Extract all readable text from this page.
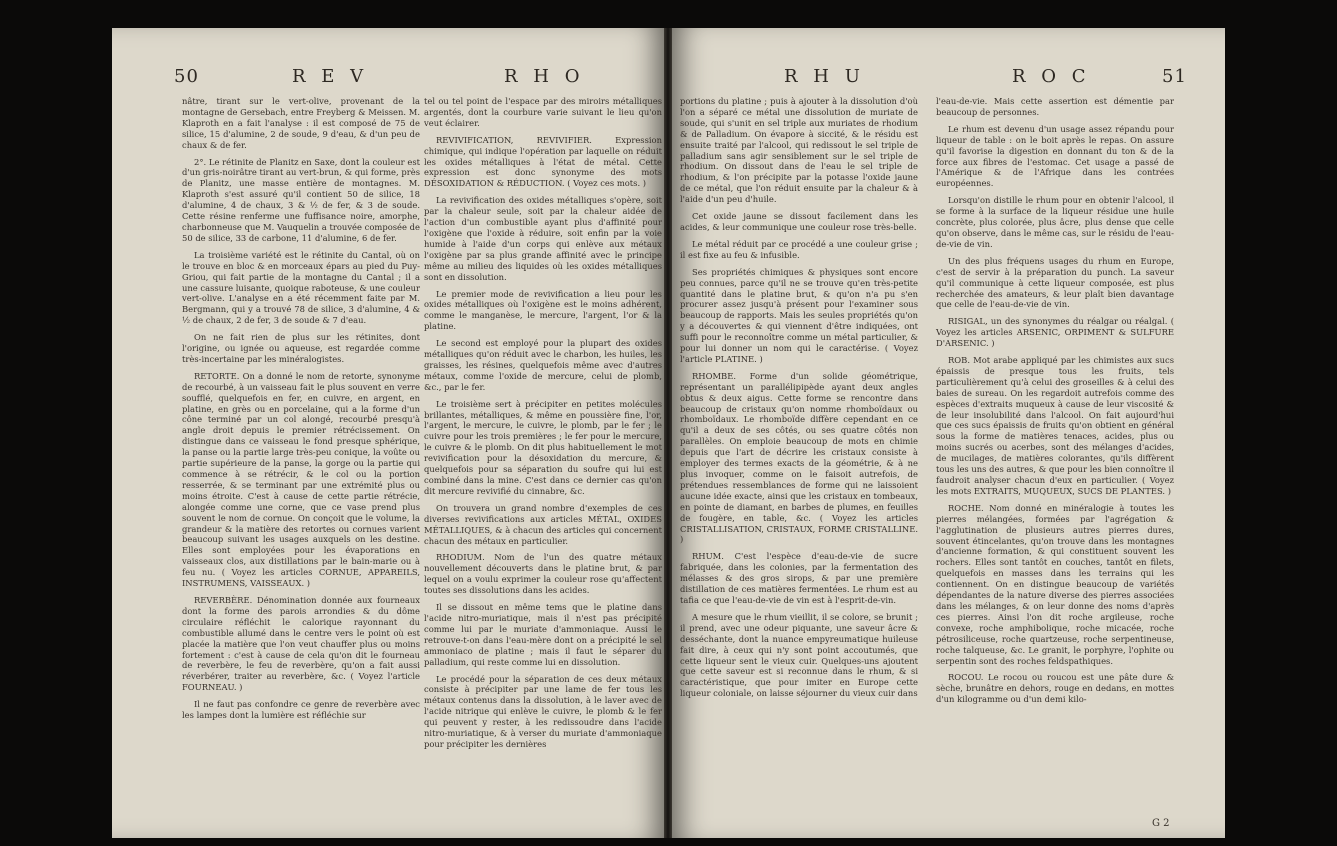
50	R E V	R H O

nâtre, tirant sur le vert-olive, provenant de la montagne de Gersebach, entre Freyberg & Meissen. M. Klaproth en a fait l'analyse : il est composé de 75 de silice, 15 d'alumine, 2 de soude, 9 d'eau, & d'un peu de chaux & de fer.

2°. Le rétinite de Planitz en Saxe, dont la couleur est d'un gris-noirâtre tirant au vert-brun, & qui forme, près de Planitz, une masse entière de montagnes. M. Klaproth s'est assuré qu'il contient 50 de silice, 18 d'alumine, 4 de chaux, 3 & ½ de fer, & 3 de soude. Cette résine renferme une fuffisance noire, amorphe, charbonneuse que M. Vauquelin a trouvée composée de 50 de silice, 33 de carbone, 11 d'alumine, 6 de fer.

La troisième variété est le rétinite du Cantal, où on le trouve en bloc & en morceaux épars au pied du Puy-Griou, qui fait partie de la montagne du Cantal ; il a une cassure luisante, quoique raboteuse, & une couleur vert-olive. L'analyse en a été récemment faite par M. Bergmann, qui y a trouvé 78 de silice, 3 d'alumine, 4 & ½ de chaux, 2 de fer, 3 de soude & 7 d'eau.

On ne fait rien de plus sur les rétinites, dont l'origine, ou ignée ou aqueuse, est regardée comme très-incertaine par les minéralogistes.

RETORTE. On a donné le nom de retorte, synonyme de recourbé, à un vaisseau fait le plus souvent en verre soufflé, quelquefois en fer, en cuivre, en argent, en platine, en grès ou en porcelaine, qui a la forme d'un cône terminé par un col alongé, recourbé presqu'à angle droit depuis le premier rétrécissement. On distingue dans ce vaisseau le fond presque sphérique, la panse ou la partie large très-peu conique, la voûte ou partie supérieure de la panse, la gorge ou la partie qui commence à se rétrécir, & le col ou la portion resserrée, & se terminant par une extrémité plus ou moins étroite. C'est à cause de cette partie rétrécie, alongée comme une corne, que ce vase prend plus souvent le nom de cornue. On conçoit que le volume, la grandeur & la matière des retortes ou cornues varient beaucoup suivant les usages auxquels on les destine. Elles sont employées pour les évaporations en vaisseaux clos, aux distillations par le bain-marie ou à feu nu. ( Voyez les articles CORNUE, APPAREILS, INSTRUMENS, VAISSEAUX. )

REVERBÈRE. Dénomination donnée aux fourneaux dont la forme des parois arrondies & du dôme circulaire réfléchit le calorique rayonnant du combustible allumé dans le centre vers le point où est placée la matière que l'on veut chauffer plus ou moins fortement : c'est à cause de cela qu'on dit le fourneau de reverbère, le feu de reverbère, qu'on a fait aussi réverbérer, traiter au reverbère, &c. ( Voyez l'article FOURNEAU. )

Il ne faut pas confondre ce genre de reverbère avec les lampes dont la lumière est réfléchie sur

tel ou tel point de l'espace par des miroirs métalliques argentés, dont la courbure varie suivant le lieu qu'on veut éclairer.

REVIVIFICATION, REVIVIFIER. Expression chimique, qui indique l'opération par laquelle on réduit les oxides métalliques à l'état de métal. Cette expression est donc synonyme des mots DÉSOXIDATION & RÉDUCTION. ( Voyez ces mots. )

La revivification des oxides métalliques s'opère, soit par la chaleur seule, soit par la chaleur aidée de l'action d'un combustible ayant plus d'affinité pour l'oxigène que l'oxide à réduire, soit enfin par la voie humide à l'aide d'un corps qui enlève aux métaux l'oxigène par sa plus grande affinité avec le principe même au milieu des liquides où les oxides métalliques sont en dissolution.

Le premier mode de revivification a lieu pour les oxides métalliques où l'oxigène est le moins adhérent, comme le manganèse, le mercure, l'argent, l'or & la platine.

Le second est employé pour la plupart des oxides métalliques qu'on réduit avec le charbon, les huiles, les graisses, les résines, quelquefois même avec d'autres métaux, comme l'oxide de mercure, celui de plomb, &c., par le fer.

Le troisième sert à précipiter en petites molécules brillantes, métalliques, & même en poussière fine, l'or, l'argent, le mercure, le cuivre, le plomb, par le fer ; le cuivre pour les trois premières ; le fer pour le mercure, le cuivre & le plomb. On dit plus habituellement le mot revivification pour la désoxidation du mercure, & quelquefois pour sa séparation du soufre qui lui est combiné dans la mine. C'est dans ce dernier cas qu'on dit mercure revivifié du cinnabre, &c.

On trouvera un grand nombre d'exemples de ces diverses revivifications aux articles MÉTAL, OXIDES MÉTALLIQUES, & à chacun des articles qui concernent chacun des métaux en particulier.

RHODIUM. Nom de l'un des quatre métaux nouvellement découverts dans le platine brut, & par lequel on a voulu exprimer la couleur rose qu'affectent toutes ses dissolutions dans les acides.

Il se dissout en même tems que le platine dans l'acide nitro-muriatique, mais il n'est pas précipité comme lui par le muriate d'ammoniaque. Aussi le retrouve-t-on dans l'eau-mère dont on a précipité le sel ammoniaco de platine ; mais il faut le séparer du palladium, qui reste comme lui en dissolution.

Le procédé pour la séparation de ces deux métaux consiste à précipiter par une lame de fer tous les métaux contenus dans la dissolution, à le laver avec de l'acide nitrique qui enlève le cuivre, le plomb & le fer qui peuvent y rester, à les redissoudre dans l'acide nitro-muriatique, & à verser du muriate d'ammoniaque pour précipiter les dernières

R H U	R O C	51

portions du platine ; puis à ajouter à la dissolution d'où l'on a séparé ce métal une dissolution de muriate de soude, qui s'unit en sel triple aux muriates de rhodium & de Palladium. On évapore à siccité, & le résidu est ensuite traité par l'alcool, qui redissout le sel triple de palladium sans agir sensiblement sur le sel triple de rhodium. On dissout dans de l'eau le sel triple de rhodium, & l'on précipite par la potasse l'oxide jaune de ce métal, que l'on réduit ensuite par la chaleur & à l'aide d'un peu d'huile.

Cet oxide jaune se dissout facilement dans les acides, & leur communique une couleur rose très-belle.

Le métal réduit par ce procédé a une couleur grise ; il est fixe au feu & infusible.

Ses propriétés chimiques & physiques sont encore peu connues, parce qu'il ne se trouve qu'en très-petite quantité dans le platine brut, & qu'on n'a pu s'en procurer assez jusqu'à présent pour l'examiner sous beaucoup de rapports. Mais les seules propriétés qu'on y a découvertes & qui viennent d'être indiquées, ont suffi pour le reconnoître comme un métal particulier, & pour lui donner un nom qui le caractérise. ( Voyez l'article PLATINE. )

RHOMBE. Forme d'un solide géométrique, représentant un parallélipipède ayant deux angles obtus & deux aigus. Cette forme se rencontre dans beaucoup de cristaux qu'on nomme rhomboïdaux ou rhomboïdaux. Le rhomboïde diffère cependant en ce qu'il a deux de ses côtés, ou ses quatre côtés non parallèles. On emploie beaucoup de mots en chimie depuis que l'art de décrire les cristaux consiste à employer des termes exacts de la géométrie, & à ne plus invoquer, comme on le faisoit autrefois, de prétendues ressemblances de forme qui ne laissoient aucune idée exacte, ainsi que les cristaux en tombeaux, en pointe de diamant, en barbes de plumes, en feuilles de fougère, en table, &c. ( Voyez les articles CRISTALLISATION, CRISTAUX, FORME CRISTALLINE. )

RHUM. C'est l'espèce d'eau-de-vie de sucre fabriquée, dans les colonies, par la fermentation des mélasses & des gros sirops, & par une première distillation de ces matières fermentées. Le rhum est au tafia ce que l'eau-de-vie de vin est à l'esprit-de-vin.

A mesure que le rhum vieillit, il se colore, se brunit ; il prend, avec une odeur piquante, une saveur âcre & desséchante, dont la nuance empyreumatique huileuse fait dire, à ceux qui n'y sont point accoutumés, que cette liqueur sent le vieux cuir. Quelques-uns ajoutent que cette saveur est si reconnue dans le rhum, & si caractéristique, que pour imiter en Europe cette liqueur coloniale, on laisse séjourner du vieux cuir dans

l'eau-de-vie. Mais cette assertion est démentie par beaucoup de personnes.

Le rhum est devenu d'un usage assez répandu pour liqueur de table : on le boit après le repas. On assure qu'il favorise la digestion en donnant du ton & de la force aux fibres de l'estomac. Cet usage a passé de l'Amérique & de l'Afrique dans les contrées européennes.

Lorsqu'on distille le rhum pour en obtenir l'alcool, il se forme à la surface de la liqueur résidue une huile concrète, plus colorée, plus âcre, plus dense que celle qu'on observe, dans le même cas, sur le résidu de l'eau-de-vie de vin.

Un des plus fréquens usages du rhum en Europe, c'est de servir à la préparation du punch. La saveur qu'il communique à cette liqueur composée, est plus recherchée des amateurs, & leur plaît bien davantage que celle de l'eau-de-vie de vin.

RISIGAL, un des synonymes du réalgar ou réalgal. ( Voyez les articles ARSENIC, ORPIMENT & SULFURE D'ARSENIC. )

ROB. Mot arabe appliqué par les chimistes aux sucs épaissis de presque tous les fruits, tels particulièrement qu'à celui des groseilles & à celui des baies de sureau. On les regardoit autrefois comme des espèces d'extraits muqueux à cause de leur viscosité & de leur insolubilité dans l'alcool. On fait aujourd'hui que ces sucs épaissis de fruits qu'on obtient en général sous la forme de matières tenaces, acides, plus ou moins sucrés ou acerbes, sont des mélanges d'acides, de mucilages, de matières colorantes, qu'ils diffèrent tous les uns des autres, & que pour les bien connoître il faudroit analyser chacun d'eux en particulier. ( Voyez les mots EXTRAITS, MUQUEUX, SUCS DE PLANTES. )

ROCHE. Nom donné en minéralogie à toutes les pierres mélangées, formées par l'agrégation & l'agglutination de plusieurs autres pierres dures, souvent étincelantes, qu'on trouve dans les montagnes d'ancienne formation, & qui constituent souvent les rochers. Elles sont tantôt en couches, tantôt en filets, quelquefois en masses dans les terrains qui les contiennent. On en distingue beaucoup de variétés dépendantes de la nature diverse des pierres associées dans les mélanges, & on leur donne des noms d'après ces pierres. Ainsi l'on dit roche argileuse, roche convexe, roche amphibolique, roche micacée, roche pétrosiliceuse, roche quartzeuse, roche serpentineuse, roche talqueuse, &c. Le granit, le porphyre, l'ophite ou serpentin sont des roches feldspathiques.

ROCOU. Le rocou ou roucou est une pâte dure & sèche, brunâtre en dehors, rouge en dedans, en mottes d'un kilogramme ou d'un demi kilo-

G 2
